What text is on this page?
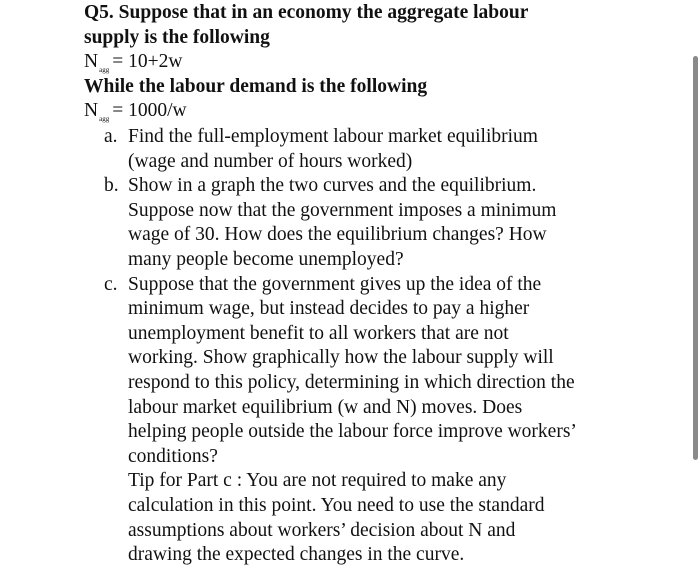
Q5. Suppose that in an economy the aggregate labour
supply is the following
$N_{agg} = 10+2w$
While the labour demand is the following
$N_{agg} = 1000/w$
a. Find the full-employment labour market equilibrium
(wage and number of hours worked)
b. Show in a graph the two curves and the equilibrium.
Suppose now that the government imposes a minimum
wage of 30. How does the equilibrium changes? How
many people become unemployed?
c. Suppose that the government gives up the idea of the
minimum wage, but instead decides to pay a higher
unemployment benefit to all workers that are not
working. Show graphically how the labour supply will
respond to this policy, determining in which direction the
labour market equilibrium (w and N) moves. Does
helping people outside the labour force improve workers’
conditions?
Tip for Part c : You are not required to make any
calculation in this point. You need to use the standard
assumptions about workers’ decision about N and
drawing the expected changes in the curve.
